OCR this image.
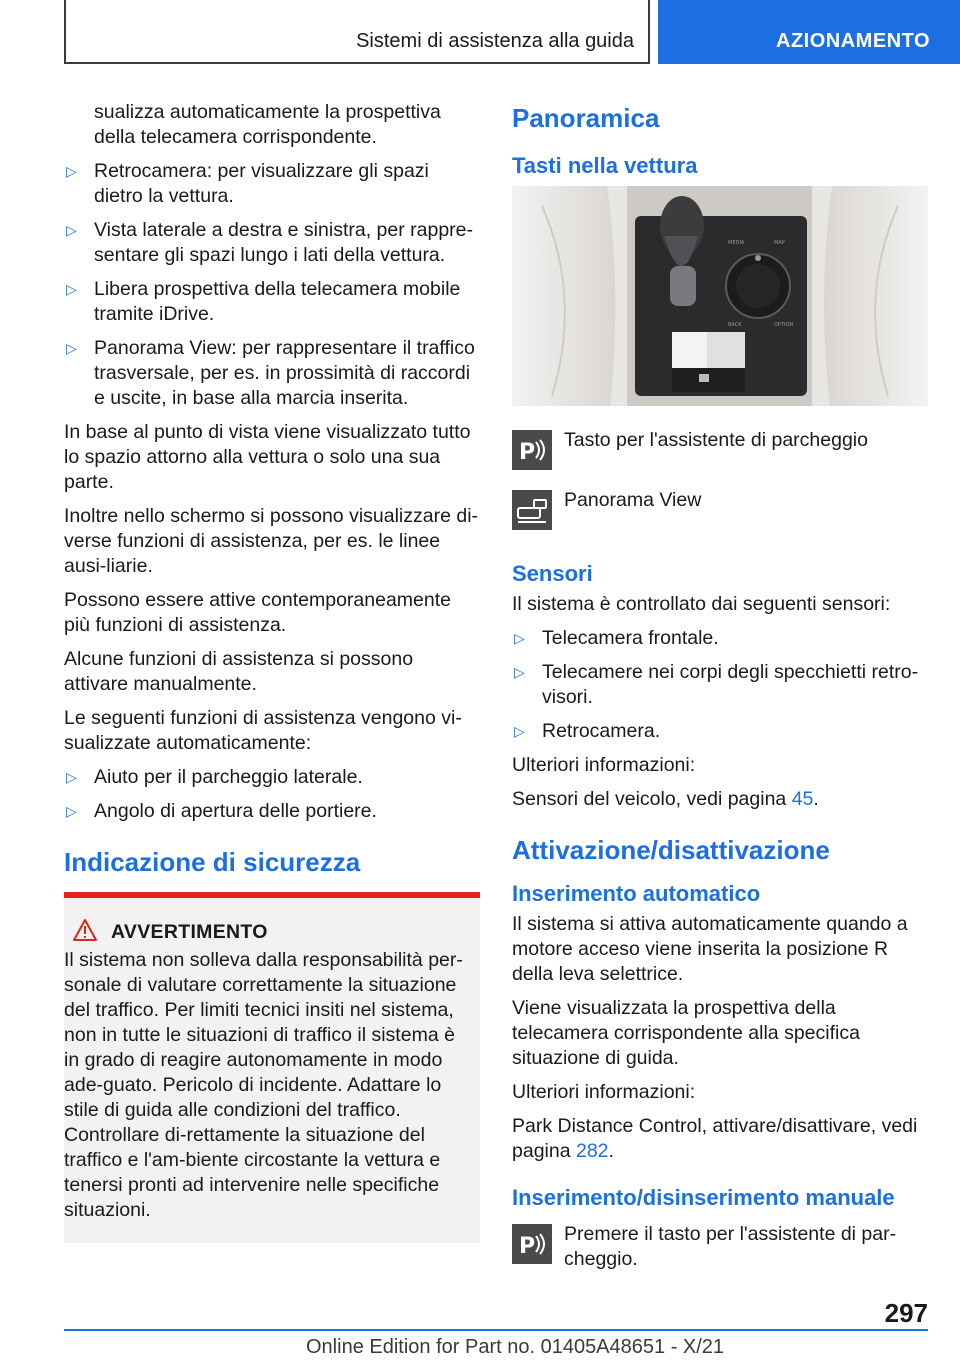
Sistemi di assistenza alla guida	AZIONAMENTO
sualizza automaticamente la prospettiva della telecamera corrispondente.
▷ Retrocamera: per visualizzare gli spazi dietro la vettura.
▷ Vista laterale a destra e sinistra, per rappre-sentare gli spazi lungo i lati della vettura.
▷ Libera prospettiva della telecamera mobile tramite iDrive.
▷ Panorama View: per rappresentare il traffico trasversale, per es. in prossimità di raccordi e uscite, in base alla marcia inserita.

In base al punto di vista viene visualizzato tutto lo spazio attorno alla vettura o solo una sua parte.

Inoltre nello schermo si possono visualizzare di-verse funzioni di assistenza, per es. le linee ausi-liarie.

Possono essere attive contemporaneamente più funzioni di assistenza.

Alcune funzioni di assistenza si possono attivare manualmente.

Le seguenti funzioni di assistenza vengono vi-sualizzate automaticamente:

▷ Aiuto per il parcheggio laterale.
▷ Angolo di apertura delle portiere.
Indicazione di sicurezza
AVVERTIMENTO

Il sistema non solleva dalla responsabilità per-sonale di valutare correttamente la situazione del traffico. Per limiti tecnici insiti nel sistema, non in tutte le situazioni di traffico il sistema è in grado di reagire autonomamente in modo ade-guato. Pericolo di incidente. Adattare lo stile di guida alle condizioni del traffico. Controllare di-rettamente la situazione del traffico e l'am-biente circostante la vettura e tenersi pronti ad intervenire nelle specifiche situazioni.

Panoramica
Tasti nella vettura
MEDIA	MAP
BACK	OPTION
P	Tasto per l'assistente di parcheggio
Panorama View
Sensori

Il sistema è controllato dai seguenti sensori:

▷ Telecamera frontale.
▷ Telecamere nei corpi degli specchietti retro-visori.
▷ Retrocamera.

Ulteriori informazioni:

Sensori del veicolo, vedi pagina 45.

Attivazione/disattivazione
Inserimento automatico

Il sistema si attiva automaticamente quando a motore acceso viene inserita la posizione R della leva selettrice.

Viene visualizzata la prospettiva della telecamera corrispondente alla specifica situazione di guida.

Ulteriori informazioni:

Park Distance Control, attivare/disattivare, vedi pagina 282.

Inserimento/disinserimento manuale
P	Premere il tasto per l'assistente di par-cheggio.
297
Online Edition for Part no. 01405A48651 - X/21
